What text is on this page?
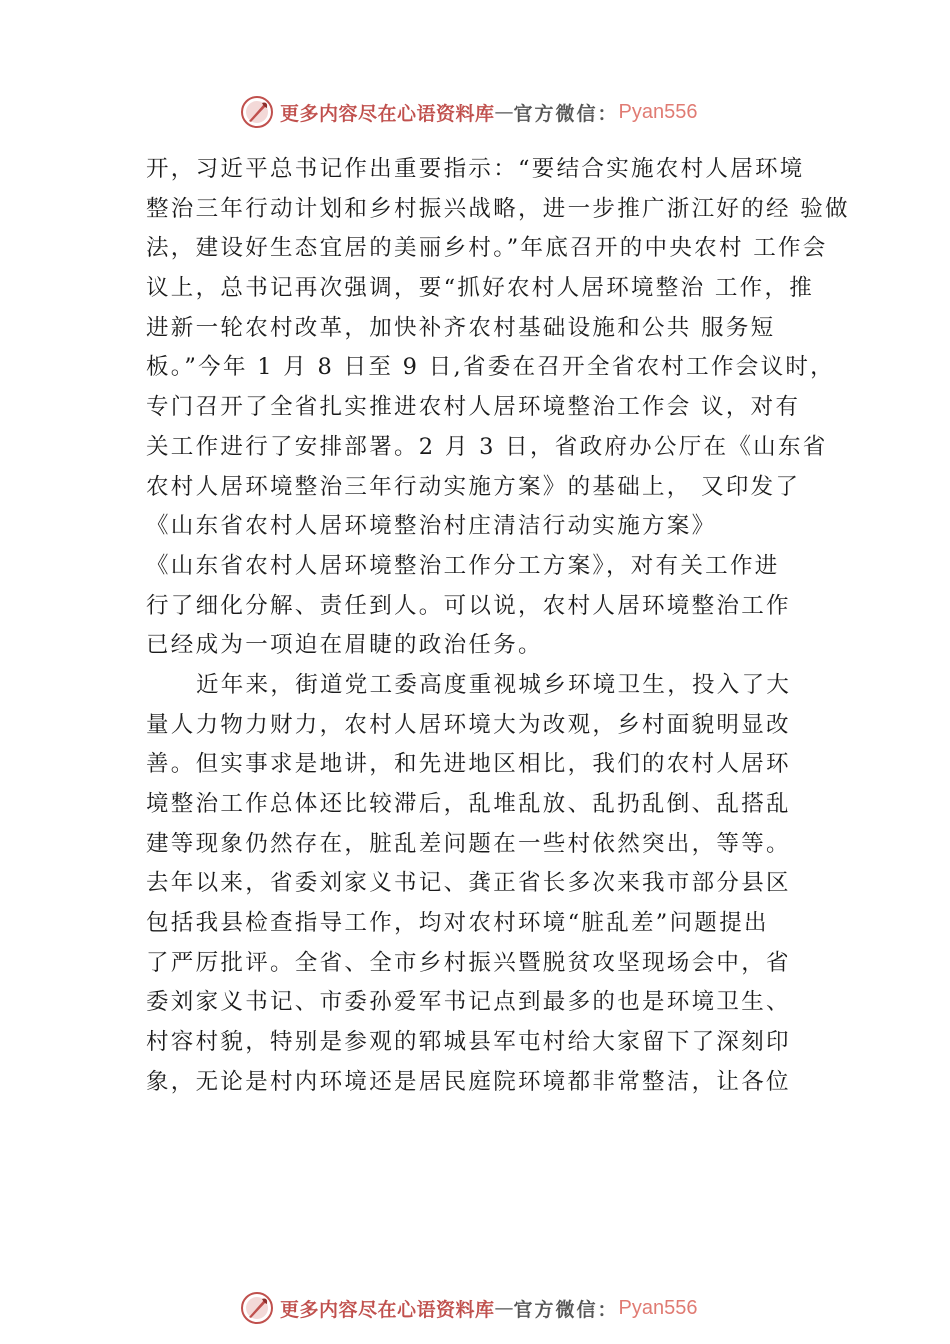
更多内容尽在心语资料库 — 官方微信： Pyan556
开，习近平总书记作出重要指示：“要结合实施农村人居环境
整治三年行动计划和乡村振兴战略，进一步推广浙江好的经 验做
法，建设好生态宜居的美丽乡村。”年底召开的中央农村 工作会
议上，总书记再次强调，要“抓好农村人居环境整治 工作，推
进新一轮农村改革，加快补齐农村基础设施和公共 服务短
板。”今年 1 月 8 日至 9 日,省委在召开全省农村工作会议时，
专门召开了全省扎实推进农村人居环境整治工作会 议，对有
关工作进行了安排部署。2 月 3 日，省政府办公厅在《山东省
农村人居环境整治三年行动实施方案》的基础上， 又印发了
《山东省农村人居环境整治村庄清洁行动实施方案》
《山东省农村人居环境整治工作分工方案》，对有关工作进
行了细化分解、责任到人。可以说，农村人居环境整治工作
已经成为一项迫在眉睫的政治任务。
近年来，街道党工委高度重视城乡环境卫生，投入了大
量人力物力财力，农村人居环境大为改观，乡村面貌明显改
善。但实事求是地讲，和先进地区相比，我们的农村人居环
境整治工作总体还比较滞后，乱堆乱放、乱扔乱倒、乱搭乱
建等现象仍然存在，脏乱差问题在一些村依然突出，等等。
去年以来，省委刘家义书记、龚正省长多次来我市部分县区
包括我县检查指导工作，均对农村环境“脏乱差”问题提出
了严厉批评。全省、全市乡村振兴暨脱贫攻坚现场会中，省
委刘家义书记、市委孙爱军书记点到最多的也是环境卫生、
村容村貌，特别是参观的郓城县军屯村给大家留下了深刻印
象，无论是村内环境还是居民庭院环境都非常整洁，让各位
更多内容尽在心语资料库 — 官方微信： Pyan556
